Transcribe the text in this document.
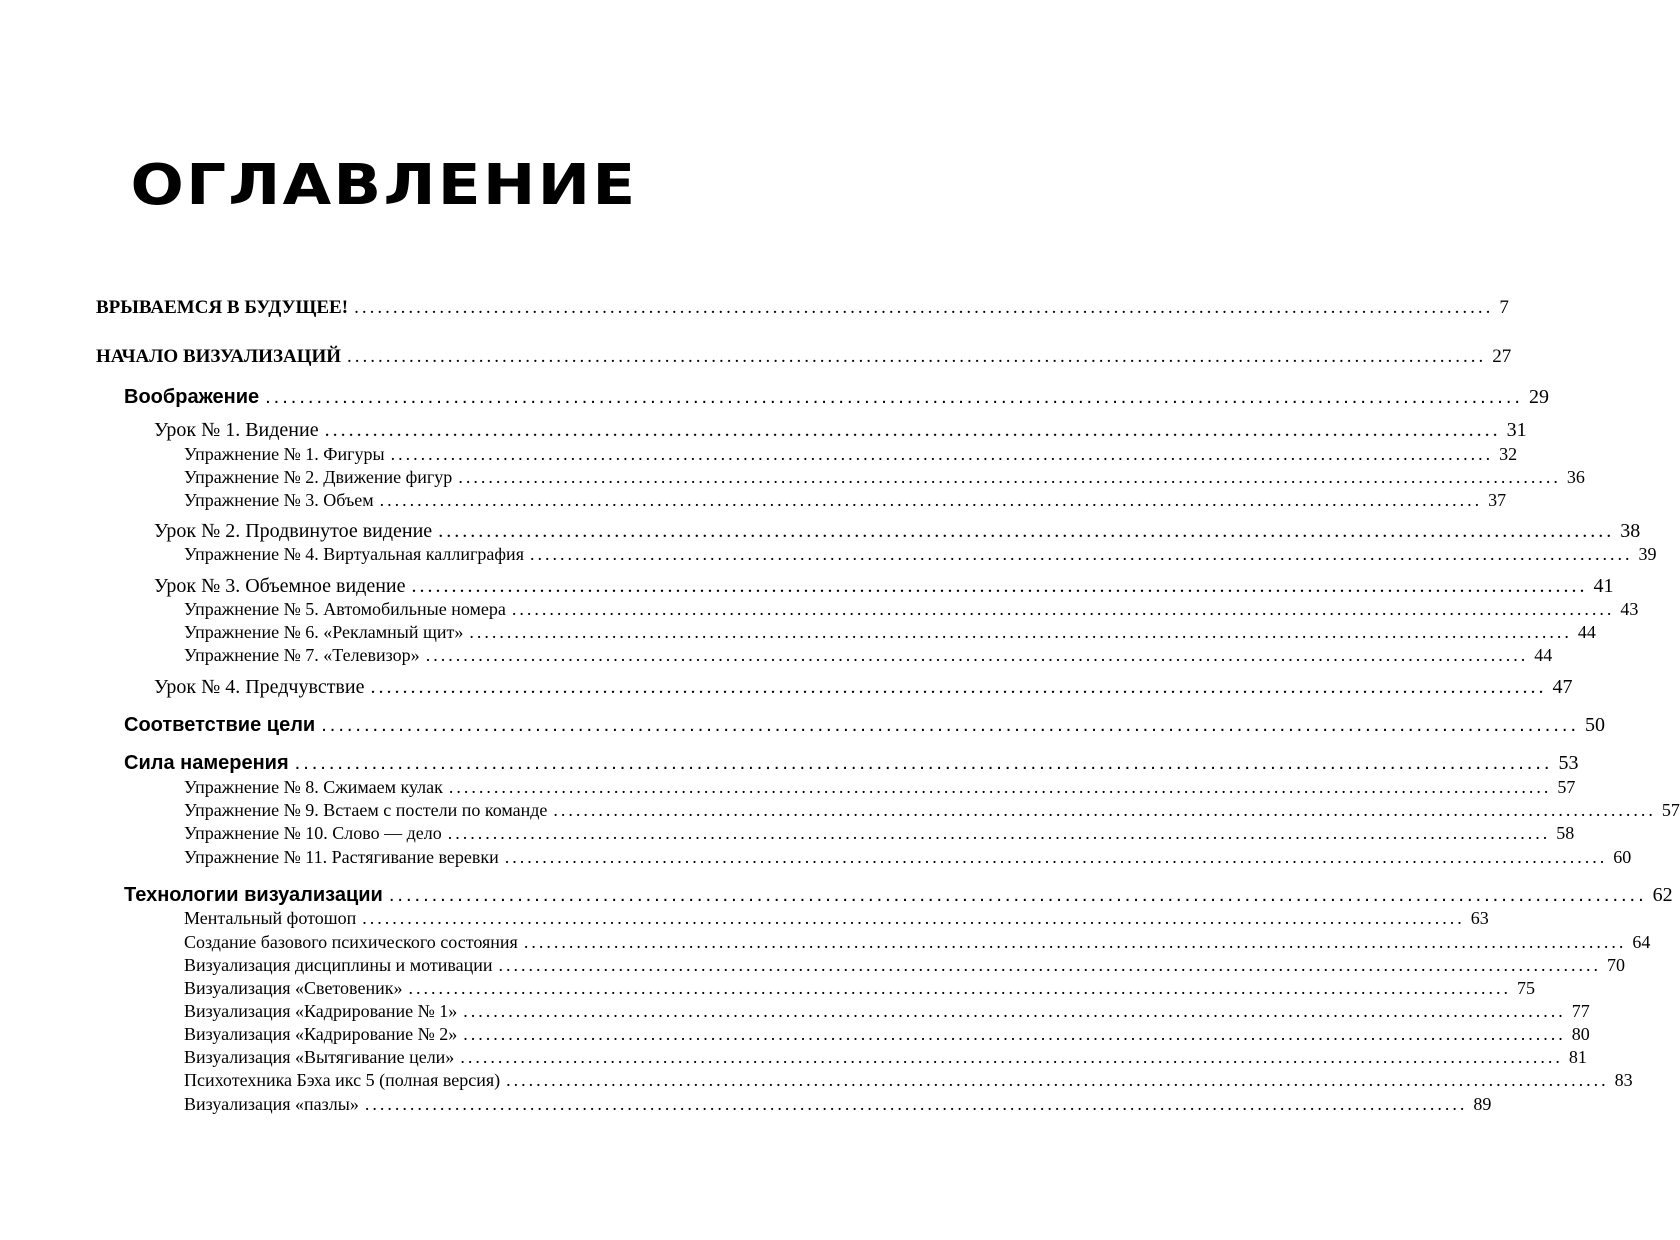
ОГЛАВЛЕНИЕ
ВРЫВАЕМСЯ В БУДУЩЕЕ! ................................................................................................................................................... 7
НАЧАЛО ВИЗУАЛИЗАЦИЙ ................................................................................................................................................... 27
Воображение ................................................................................................................................................... 29
Урок № 1. Видение ................................................................................................................................................... 31
Упражнение № 1. Фигуры ................................................................................................................................................... 32
Упражнение № 2. Движение фигур ................................................................................................................................................... 36
Упражнение № 3. Объем ................................................................................................................................................... 37
Урок № 2. Продвинутое видение ................................................................................................................................................... 38
Упражнение № 4. Виртуальная каллиграфия ................................................................................................................................................... 39
Урок № 3. Объемное видение ................................................................................................................................................... 41
Упражнение № 5. Автомобильные номера ................................................................................................................................................... 43
Упражнение № 6. «Рекламный щит» ................................................................................................................................................... 44
Упражнение № 7. «Телевизор» ................................................................................................................................................... 44
Урок № 4. Предчувствие ................................................................................................................................................... 47
Соответствие цели ................................................................................................................................................... 50
Сила намерения ................................................................................................................................................... 53
Упражнение № 8. Сжимаем кулак ................................................................................................................................................... 57
Упражнение № 9. Встаем с постели по команде ................................................................................................................................................... 57
Упражнение № 10. Слово — дело ................................................................................................................................................... 58
Упражнение № 11. Растягивание веревки ................................................................................................................................................... 60
Технологии визуализации ................................................................................................................................................... 62
Ментальный фотошоп ................................................................................................................................................... 63
Создание базового психического состояния ................................................................................................................................................... 64
Визуализация дисциплины и мотивации ................................................................................................................................................... 70
Визуализация «Световеник» ................................................................................................................................................... 75
Визуализация «Кадрирование № 1» ................................................................................................................................................... 77
Визуализация «Кадрирование № 2» ................................................................................................................................................... 80
Визуализация «Вытягивание цели» ................................................................................................................................................... 81
Психотехника Бэха икс 5 (полная версия) ................................................................................................................................................... 83
Визуализация «пазлы» ................................................................................................................................................... 89
